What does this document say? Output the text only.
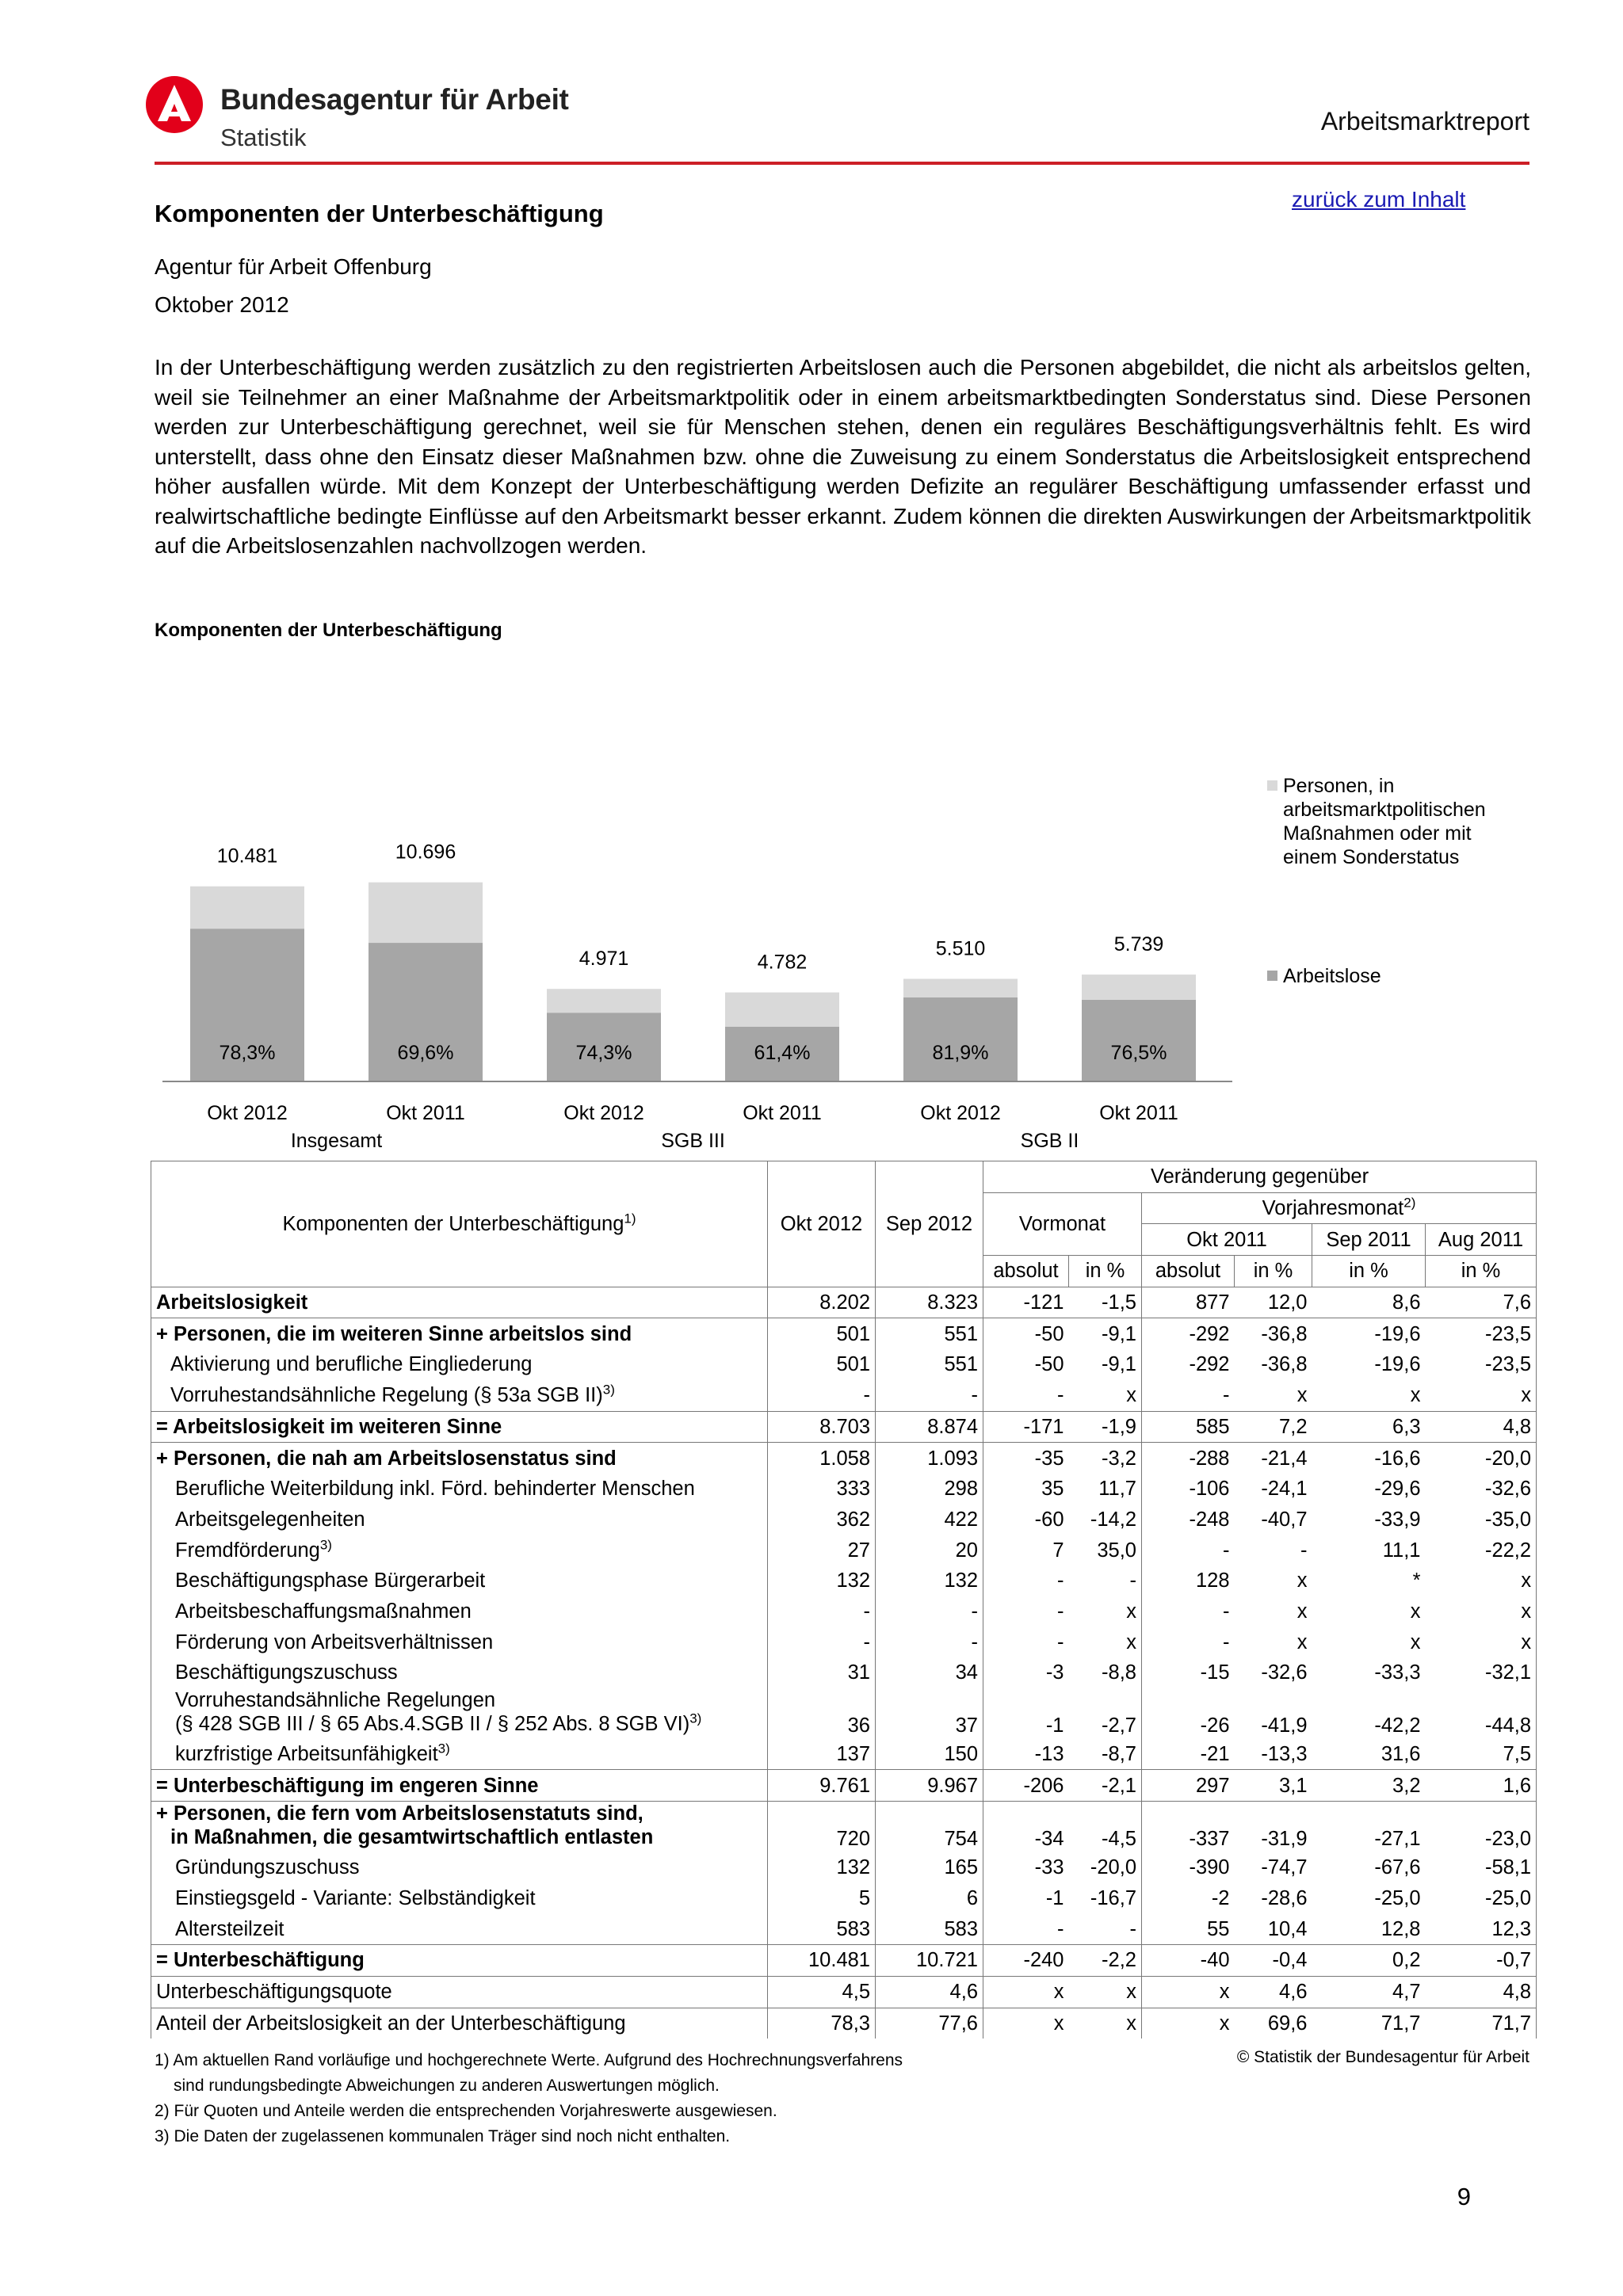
Bundesagentur für Arbeit
Statistik
Arbeitsmarktreport
zurück zum Inhalt
Komponenten der Unterbeschäftigung
Agentur für Arbeit Offenburg
Oktober 2012
In der Unterbeschäftigung werden zusätzlich zu den registrierten Arbeitslosen auch die Personen abgebildet, die nicht als arbeitslos gelten, weil sie Teilnehmer an einer Maßnahme der Arbeitsmarktpolitik oder in einem arbeitsmarktbedingten Sonderstatus sind. Diese Personen werden zur Unterbeschäftigung gerechnet, weil sie für Menschen stehen, denen ein reguläres Beschäftigungsverhältnis fehlt. Es wird unterstellt, dass ohne den Einsatz dieser Maßnahmen bzw. ohne die Zuweisung zu einem Sonderstatus die Arbeitslosigkeit entsprechend höher ausfallen würde. Mit dem Konzept der Unterbeschäftigung werden Defizite an regulärer Beschäftigung umfassender erfasst und realwirtschaftliche bedingte Einflüsse auf den Arbeitsmarkt besser erkannt. Zudem können die direkten Auswirkungen der Arbeitsmarktpolitik auf die Arbeitslosenzahlen nachvollzogen werden.
Komponenten der Unterbeschäftigung
78,3%
10.481
Okt 2012
69,6%
10.696
Okt 2011
74,3%
4.971
Okt 2012
61,4%
4.782
Okt 2011
81,9%
5.510
Okt 2012
76,5%
5.739
Okt 2011
Insgesamt	SGB III	SGB II
Personen, in
arbeitsmarktpolitischen
Maßnahmen oder mit
einem Sonderstatus
Arbeitslose
Komponenten der Unterbeschäftigung$^{1)}$	Okt 2012	Sep 2012	Veränderung gegenüber					
			Vormonat		Vorjahresmonat$^{2)}$
					Okt 2011		Sep 2011	Aug 2011
			absolut	in %	absolut	in %	in %	in %
Arbeitslosigkeit	8.202	8.323	-121	-1,5	877	12,0	8,6	7,6
+ Personen, die im weiteren Sinne arbeitslos sind	501	551	-50	-9,1	-292	-36,8	-19,6	-23,5
Aktivierung und berufliche Eingliederung	501	551	-50	-9,1	-292	-36,8	-19,6	-23,5
Vorruhestandsähnliche Regelung (§ 53a SGB II)$^{3)}$	-	-	-	x	-	x	x	x
= Arbeitslosigkeit im weiteren Sinne	8.703	8.874	-171	-1,9	585	7,2	6,3	4,8
+ Personen, die nah am Arbeitslosenstatus sind	1.058	1.093	-35	-3,2	-288	-21,4	-16,6	-20,0
Berufliche Weiterbildung inkl. Förd. behinderter Menschen	333	298	35	11,7	-106	-24,1	-29,6	-32,6
Arbeitsgelegenheiten	362	422	-60	-14,2	-248	-40,7	-33,9	-35,0
Fremdförderung$^{3)}$	27	20	7	35,0	-	-	11,1	-22,2
Beschäftigungsphase Bürgerarbeit	132	132	-	-	128	x	*	x
Arbeitsbeschaffungsmaßnahmen	-	-	-	x	-	x	x	x
Förderung von Arbeitsverhältnissen	-	-	-	x	-	x	x	x
Beschäftigungszuschuss	31	34	-3	-8,8	-15	-32,6	-33,3	-32,1
Vorruhestandsähnliche Regelungen
(§ 428 SGB III / § 65 Abs.4.SGB II / § 252 Abs. 8 SGB VI)$^{3)}$	36	37	-1	-2,7	-26	-41,9	-42,2	-44,8
kurzfristige Arbeitsunfähigkeit$^{3)}$	137	150	-13	-8,7	-21	-13,3	31,6	7,5
= Unterbeschäftigung im engeren Sinne	9.761	9.967	-206	-2,1	297	3,1	3,2	1,6
+ Personen, die fern vom Arbeitslosenstatuts sind,
in Maßnahmen, die gesamtwirtschaftlich entlasten	720	754	-34	-4,5	-337	-31,9	-27,1	-23,0
Gründungszuschuss	132	165	-33	-20,0	-390	-74,7	-67,6	-58,1
Einstiegsgeld - Variante: Selbständigkeit	5	6	-1	-16,7	-2	-28,6	-25,0	-25,0
Altersteilzeit	583	583	-	-	55	10,4	12,8	12,3
= Unterbeschäftigung	10.481	10.721	-240	-2,2	-40	-0,4	0,2	-0,7
Unterbeschäftigungsquote	4,5	4,6	x	x	x	4,6	4,7	4,8
Anteil der Arbeitslosigkeit an der Unterbeschäftigung	78,3	77,6	x	x	x	69,6	71,7	71,7
1) Am aktuellen Rand vorläufige und hochgerechnete Werte. Aufgrund des Hochrechnungsverfahrens
sind rundungsbedingte Abweichungen zu anderen Auswertungen möglich.
2) Für Quoten und Anteile werden die entsprechenden Vorjahreswerte ausgewiesen.
3) Die Daten der zugelassenen kommunalen Träger sind noch nicht enthalten.
© Statistik der Bundesagentur für Arbeit
9
